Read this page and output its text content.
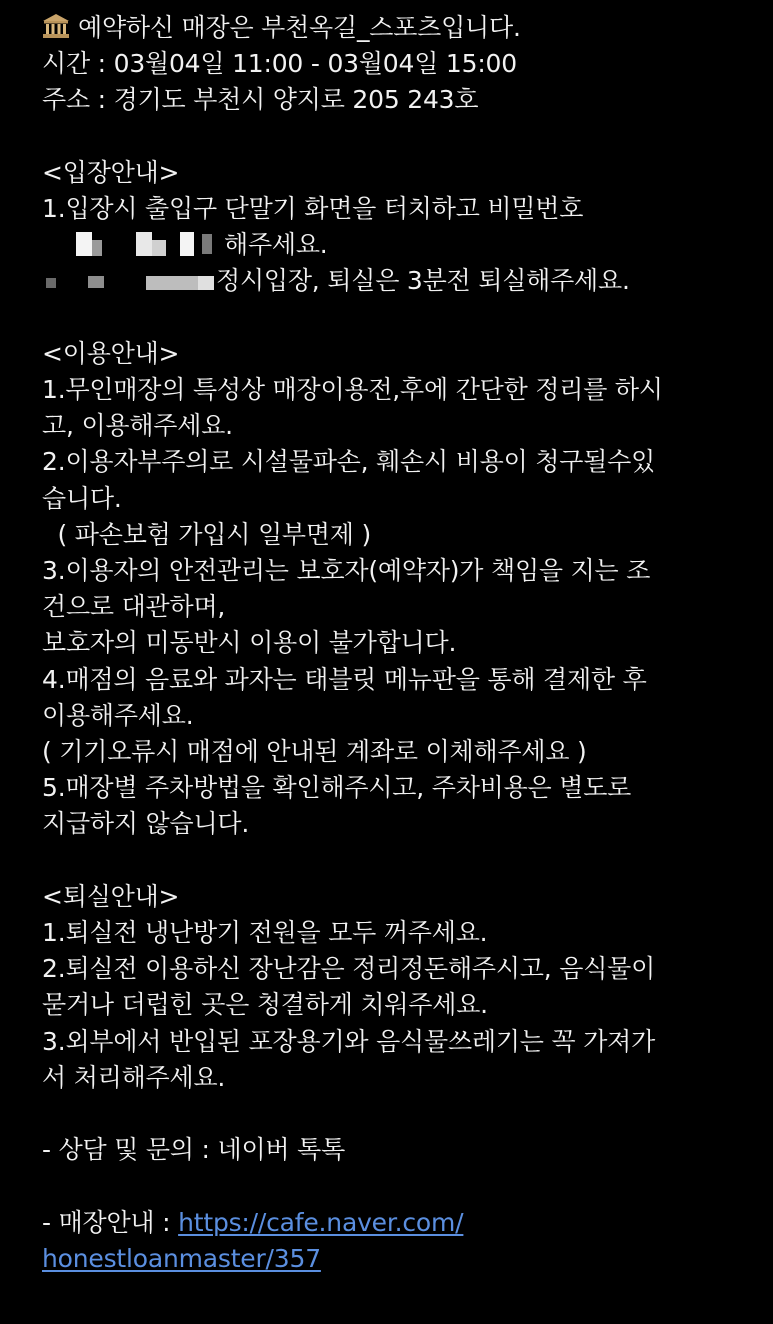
예약하신 매장은 부천옥길_스포츠입니다.
시간 : 03월04일 11:00 - 03월04일 15:00
주소 : 경기도 부천시 양지로 205 243호
<입장안내>
1.입장시 출입구 단말기 화면을 터치하고 비밀번호
해주세요.
정시입장, 퇴실은 3분전 퇴실해주세요.
<이용안내>
1.무인매장의 특성상 매장이용전,후에 간단한 정리를 하시
고, 이용해주세요.
2.이용자부주의로 시설물파손, 훼손시 비용이 청구될수있
습니다.
( 파손보험 가입시 일부면제 )
3.이용자의 안전관리는 보호자(예약자)가 책임을 지는 조
건으로 대관하며,
보호자의 미동반시 이용이 불가합니다.
4.매점의 음료와 과자는 태블릿 메뉴판을 통해 결제한 후
이용해주세요.
( 기기오류시 매점에 안내된 계좌로 이체해주세요 )
5.매장별 주차방법을 확인해주시고, 주차비용은 별도로
지급하지 않습니다.
<퇴실안내>
1.퇴실전 냉난방기 전원을 모두 꺼주세요.
2.퇴실전 이용하신 장난감은 정리정돈해주시고, 음식물이
묻거나 더럽힌 곳은 청결하게 치워주세요.
3.외부에서 반입된 포장용기와 음식물쓰레기는 꼭 가져가
서 처리해주세요.
- 상담 및 문의 : 네이버 톡톡
- 매장안내 : https://cafe.naver.com/
honestloanmaster/357
